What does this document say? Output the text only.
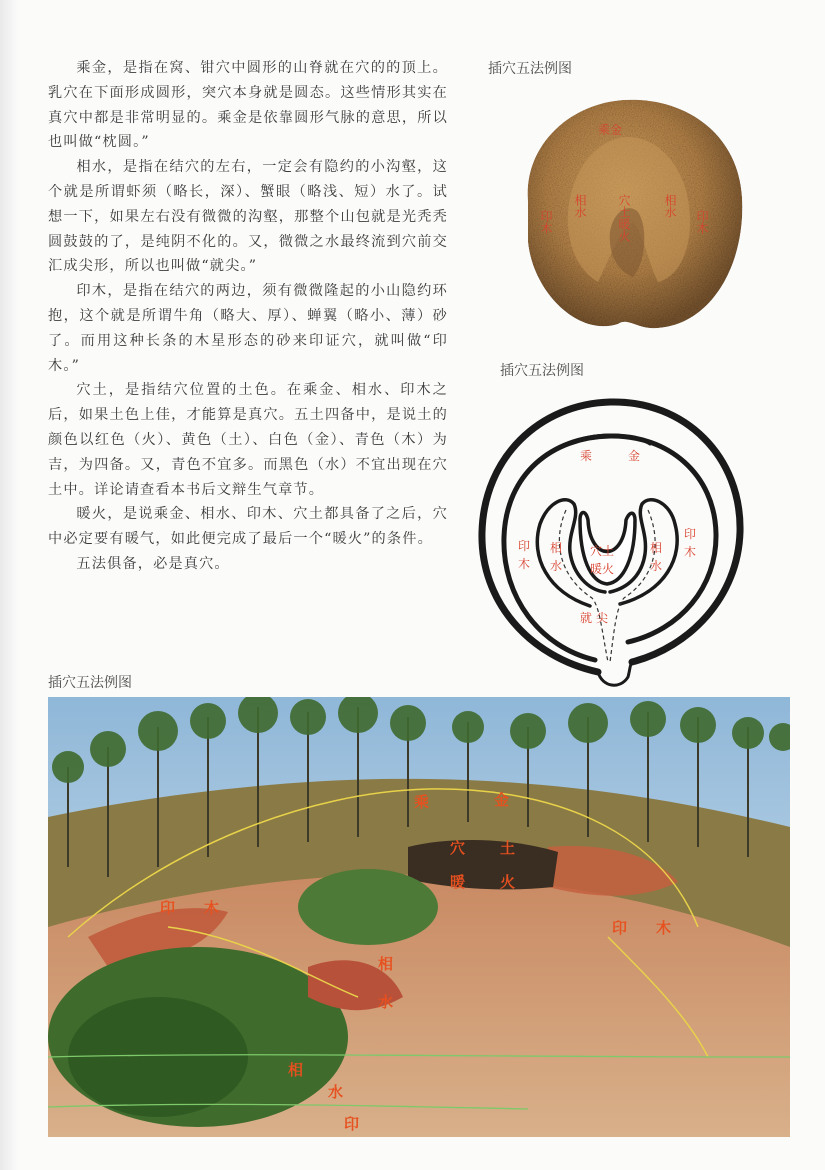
乘金，是指在窝、钳穴中圆形的山脊就在穴的的顶上。乳穴在下面形成圆形，突穴本身就是圆态。这些情形其实在真穴中都是非常明显的。乘金是依靠圆形气脉的意思，所以也叫做“枕圆。”

相水，是指在结穴的左右，一定会有隐约的小沟壑，这个就是所谓虾须（略长，深）、蟹眼（略浅、短）水了。试想一下，如果左右没有微微的沟壑，那整个山包就是光秃秃圆鼓鼓的了，是纯阴不化的。又，微微之水最终流到穴前交汇成尖形，所以也叫做“就尖。”

印木，是指在结穴的两边，须有微微隆起的小山隐约环抱，这个就是所谓牛角（略大、厚）、蝉翼（略小、薄）砂了。而用这种长条的木星形态的砂来印证穴，就叫做“印木。”

穴土，是指结穴位置的土色。在乘金、相水、印木之后，如果土色上佳，才能算是真穴。五土四备中，是说土的颜色以红色（火）、黄色（土）、白色（金）、青色（木）为吉，为四备。又，青色不宜多。而黑色（水）不宜出现在穴土中。详论请查看本书后文辩生气章节。

暖火，是说乘金、相水、印木、穴土都具备了之后，穴中必定要有暖气，如此便完成了最后一个“暖火”的条件。

五法俱备，必是真穴。

插穴五法例图
乘金
印木
相水	穴土暖火	相水
印木
插穴五法例图
乘	金
印
木
相
水
穴土
暖火
相
水
印
木
就 尖
插穴五法例图
乘	金
穴 土
暖 火
印 木
印 木
相
水
相
水
印
